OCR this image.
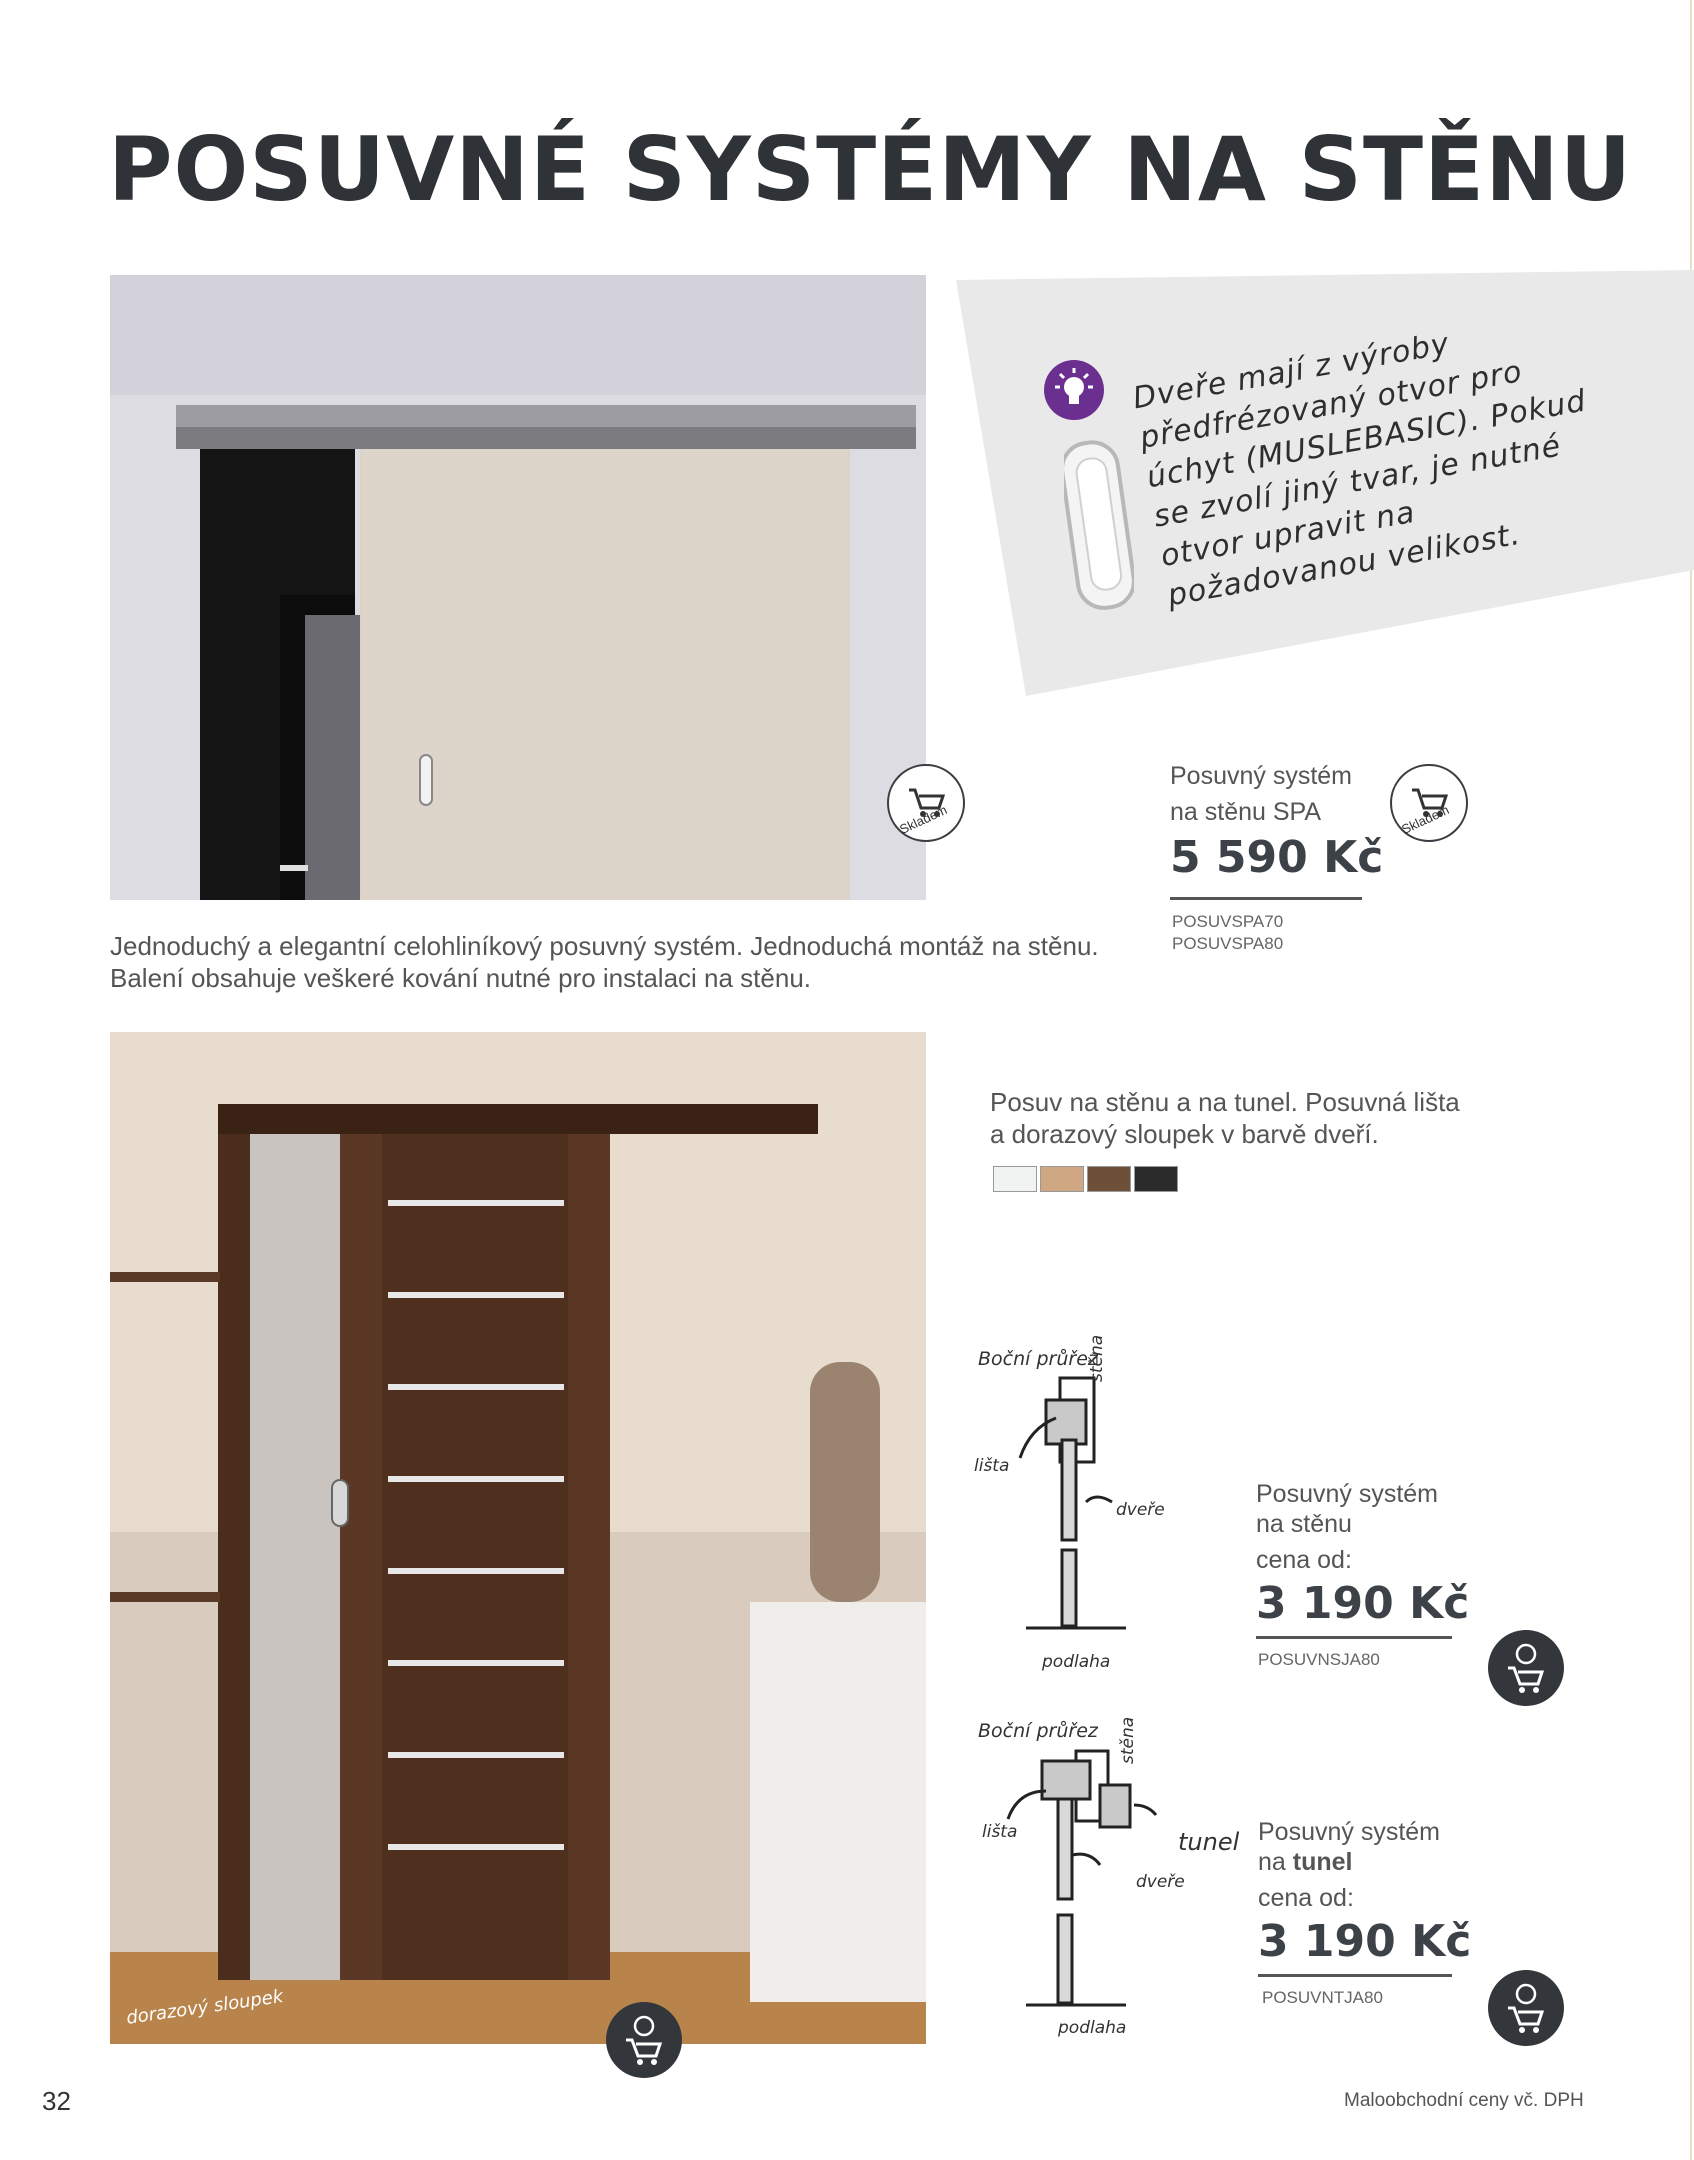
POSUVNÉ SYSTÉMY NA STĚNU
Skladem
Dveře mají z výroby předfrézovaný otvor pro úchyt (MUSLEBASIC). Pokud se zvolí jiný tvar, je nutné otvor upravit na požadovanou velikost.
Posuvný systém
na stěnu SPA
5 590 Kč
POSUVSPA70
POSUVSPA80
Skladem
Jednoduchý a elegantní celohliníkový posuvný systém. Jednoduchá montáž na stěnu. Balení obsahuje veškeré kování nutné pro instalaci na stěnu.
dorazový sloupek
Posuv na stěnu a na tunel. Posuvná lišta a dorazový sloupek v barvě dveří.
Boční průřez
stěna
lišta
dveře
podlaha
Posuvný systém
na stěnu
cena od:
3 190 Kč
POSUVNSJA80
Boční průřez stěna
lišta	tunel
dveře
podlaha
Posuvný systém
na tunel
cena od:
3 190 Kč
POSUVNTJA80
32	Maloobchodní ceny vč. DPH
